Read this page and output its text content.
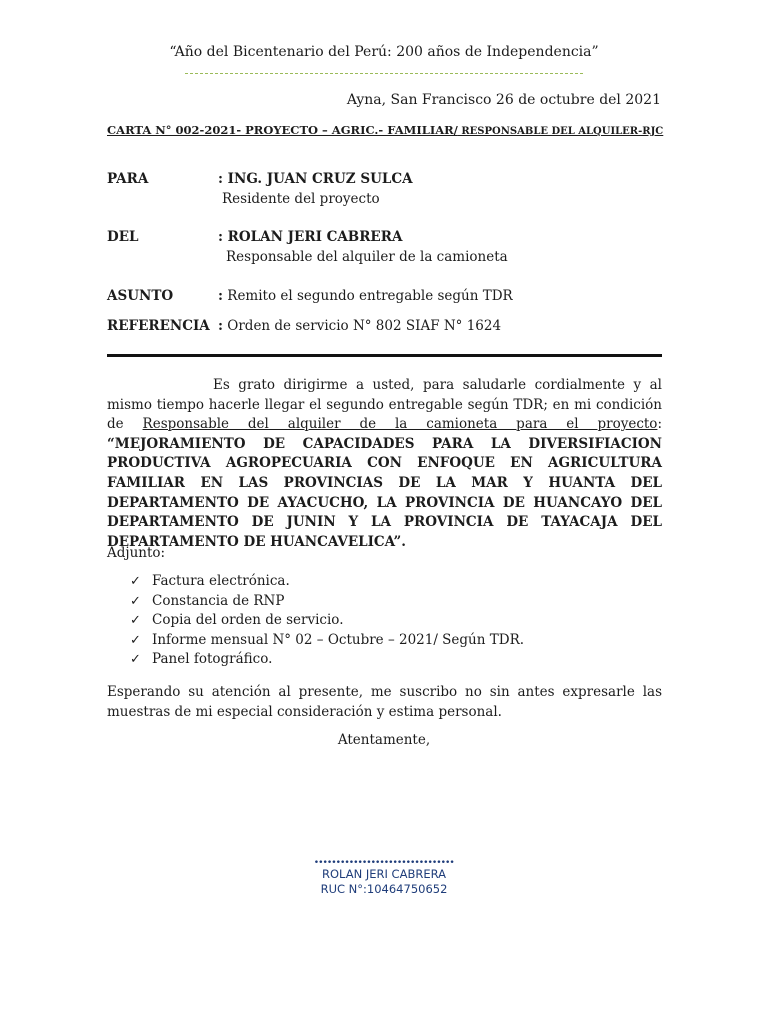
“Año del Bicentenario del Perú: 200 años de Independencia”
Ayna, San Francisco 26 de octubre del 2021
CARTA N° 002-2021- PROYECTO – AGRIC.- FAMILIAR/ RESPONSABLE DEL ALQUILER-RJC
PARA	: ING. JUAN CRUZ SULCA
Residente del proyecto
DEL	: ROLAN JERI CABRERA
Responsable del alquiler de la camioneta
ASUNTO	: Remito el segundo entregable según TDR
REFERENCIA : Orden de servicio N° 802 SIAF N° 1624
Es grato dirigirme a usted, para saludarle cordialmente y al mismo tiempo hacerle llegar el segundo entregable según TDR; en mi condición de Responsable del alquiler de la camioneta para el proyecto: “MEJORAMIENTO DE CAPACIDADES PARA LA DIVERSIFIACION PRODUCTIVA AGROPECUARIA CON ENFOQUE EN AGRICULTURA FAMILIAR EN LAS PROVINCIAS DE LA MAR Y HUANTA DEL DEPARTAMENTO DE AYACUCHO, LA PROVINCIA DE HUANCAYO DEL DEPARTAMENTO DE JUNIN Y LA PROVINCIA DE TAYACAJA DEL DEPARTAMENTO DE HUANCAVELICA”.
Adjunto:
✓ Factura electrónica.
✓ Constancia de RNP
✓ Copia del orden de servicio.
✓ Informe mensual N° 02 – Octubre – 2021/ Según TDR.
✓ Panel fotográfico.
Esperando su atención al presente, me suscribo no sin antes expresarle las muestras de mi especial consideración y estima personal.
Atentamente,
................................
ROLAN JERI CABRERA
RUC N°:10464750652
